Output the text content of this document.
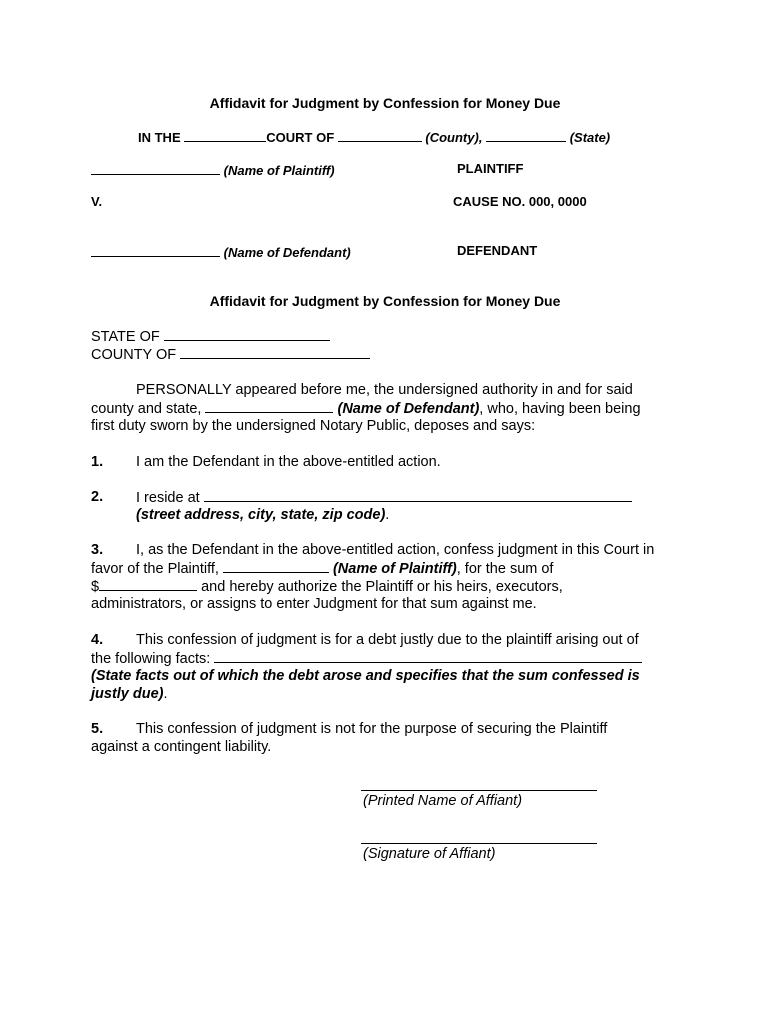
Affidavit for Judgment by Confession for Money Due
IN THE	COURT OF	(County),	(State)
(Name of Plaintiff)	PLAINTIFF
V.	CAUSE NO. 000, 0000
(Name of Defendant)	DEFENDANT
Affidavit for Judgment by Confession for Money Due
STATE OF
COUNTY OF
PERSONALLY appeared before me, the undersigned authority in and for said
county and state,	(Name of Defendant), who, having been being
first duty sworn by the undersigned Notary Public, deposes and says:
1. I am the Defendant in the above-entitled action.
2. I reside at
(street address, city, state, zip code).
3. I, as the Defendant in the above-entitled action, confess judgment in this Court in
favor of the Plaintiff,	(Name of Plaintiff), for the sum of
$	and hereby authorize the Plaintiff or his heirs, executors,
administrators, or assigns to enter Judgment for that sum against me.
4. This confession of judgment is for a debt justly due to the plaintiff arising out of
the following facts:
(State facts out of which the debt arose and specifies that the sum confessed is
justly due).
5. This confession of judgment is not for the purpose of securing the Plaintiff
against a contingent liability.
(Printed Name of Affiant)
(Signature of Affiant)
